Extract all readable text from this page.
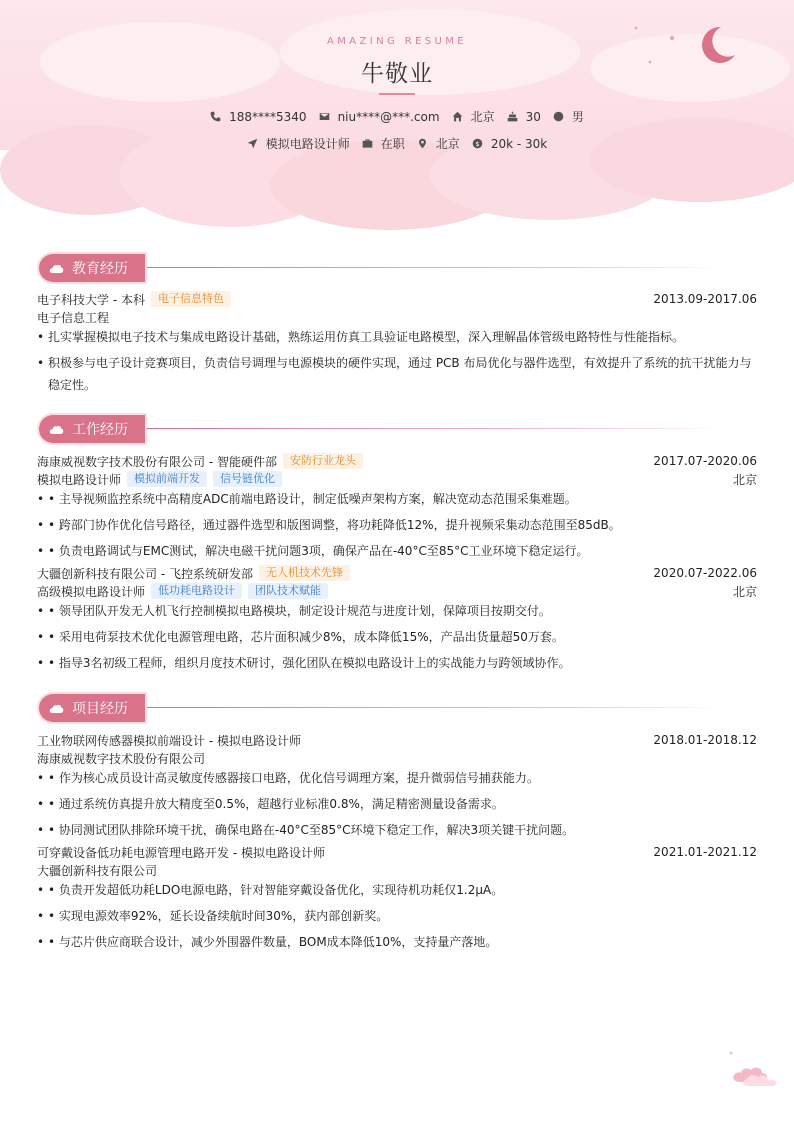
AMAZING RESUME
牛敬业
188****5340	niu****@***.com	北京	30	男
模拟电路设计师	在职	北京 $ 20k - 30k
教育经历
电子科技大学 - 本科	电子信息特色	2013.09-2017.06
电子信息工程
• 扎实掌握模拟电子技术与集成电路设计基础，熟练运用仿真工具验证电路模型，深入理解晶体管级电路特性与性能指标。
• 积极参与电子设计竞赛项目，负责信号调理与电源模块的硬件实现，通过 PCB 布局优化与器件选型，有效提升了系统的抗干扰能力与稳定性。
工作经历
海康威视数字技术股份有限公司 - 智能硬件部	安防行业龙头	2017.07-2020.06
模拟电路设计师	模拟前端开发	信号链优化	北京
• • 主导视频监控系统中高精度ADC前端电路设计，制定低噪声架构方案，解决宽动态范围采集难题。
• • 跨部门协作优化信号路径，通过器件选型和版图调整，将功耗降低12%，提升视频采集动态范围至85dB。
• • 负责电路调试与EMC测试，解决电磁干扰问题3项，确保产品在-40°C至85°C工业环境下稳定运行。
大疆创新科技有限公司 - 飞控系统研发部	无人机技术先锋	2020.07-2022.06
高级模拟电路设计师	低功耗电路设计	团队技术赋能	北京
• • 领导团队开发无人机飞行控制模拟电路模块，制定设计规范与进度计划，保障项目按期交付。
• • 采用电荷泵技术优化电源管理电路，芯片面积减少8%，成本降低15%，产品出货量超50万套。
• • 指导3名初级工程师，组织月度技术研讨，强化团队在模拟电路设计上的实战能力与跨领域协作。
项目经历
工业物联网传感器模拟前端设计 - 模拟电路设计师	2018.01-2018.12
海康威视数字技术股份有限公司
• • 作为核心成员设计高灵敏度传感器接口电路，优化信号调理方案，提升微弱信号捕获能力。
• • 通过系统仿真提升放大精度至0.5%，超越行业标准0.8%，满足精密测量设备需求。
• • 协同测试团队排除环境干扰，确保电路在-40°C至85°C环境下稳定工作，解决3项关键干扰问题。
可穿戴设备低功耗电源管理电路开发 - 模拟电路设计师	2021.01-2021.12
大疆创新科技有限公司
• • 负责开发超低功耗LDO电源电路，针对智能穿戴设备优化，实现待机功耗仅1.2μA。
• • 实现电源效率92%，延长设备续航时间30%，获内部创新奖。
• • 与芯片供应商联合设计，减少外围器件数量，BOM成本降低10%，支持量产落地。
